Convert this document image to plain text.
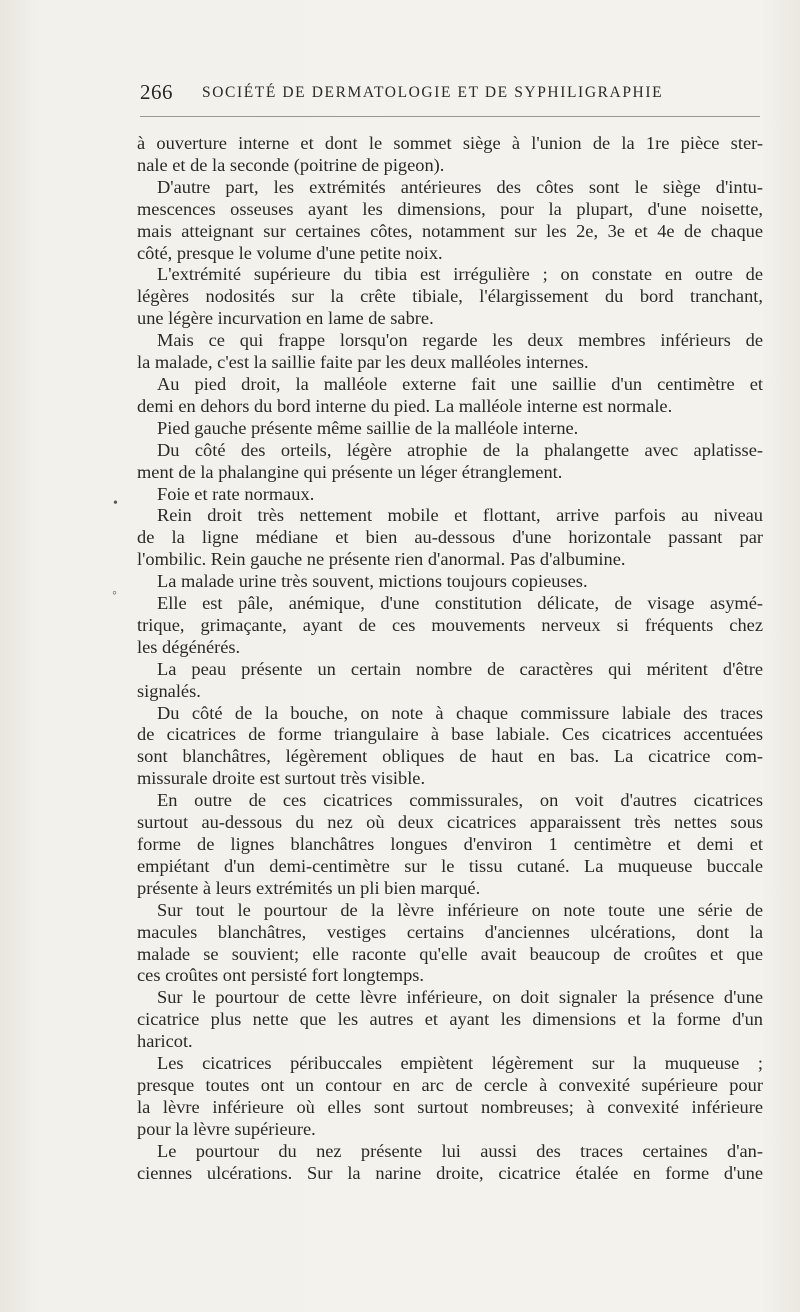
266 SOCIÉTÉ DE DERMATOLOGIE ET DE SYPHILIGRAPHIE
à ouverture interne et dont le sommet siège à l'union de la 1re pièce ster-
nale et de la seconde (poitrine de pigeon).
D'autre part, les extrémités antérieures des côtes sont le siège d'intu-
mescences osseuses ayant les dimensions, pour la plupart, d'une noisette,
mais atteignant sur certaines côtes, notamment sur les 2e, 3e et 4e de chaque
côté, presque le volume d'une petite noix.
L'extrémité supérieure du tibia est irrégulière ; on constate en outre de
légères nodosités sur la crête tibiale, l'élargissement du bord tranchant,
une légère incurvation en lame de sabre.
Mais ce qui frappe lorsqu'on regarde les deux membres inférieurs de
la malade, c'est la saillie faite par les deux malléoles internes.
Au pied droit, la malléole externe fait une saillie d'un centimètre et
demi en dehors du bord interne du pied. La malléole interne est normale.
Pied gauche présente même saillie de la malléole interne.
Du côté des orteils, légère atrophie de la phalangette avec aplatisse-
ment de la phalangine qui présente un léger étranglement.
Foie et rate normaux.
Rein droit très nettement mobile et flottant, arrive parfois au niveau
de la ligne médiane et bien au-dessous d'une horizontale passant par
l'ombilic. Rein gauche ne présente rien d'anormal. Pas d'albumine.
La malade urine très souvent, mictions toujours copieuses.
Elle est pâle, anémique, d'une constitution délicate, de visage asymé-
trique, grimaçante, ayant de ces mouvements nerveux si fréquents chez
les dégénérés.
La peau présente un certain nombre de caractères qui méritent d'être
signalés.
Du côté de la bouche, on note à chaque commissure labiale des traces
de cicatrices de forme triangulaire à base labiale. Ces cicatrices accentuées
sont blanchâtres, légèrement obliques de haut en bas. La cicatrice com-
missurale droite est surtout très visible.
En outre de ces cicatrices commissurales, on voit d'autres cicatrices
surtout au-dessous du nez où deux cicatrices apparaissent très nettes sous
forme de lignes blanchâtres longues d'environ 1 centimètre et demi et
empiétant d'un demi-centimètre sur le tissu cutané. La muqueuse buccale
présente à leurs extrémités un pli bien marqué.
Sur tout le pourtour de la lèvre inférieure on note toute une série de
macules blanchâtres, vestiges certains d'anciennes ulcérations, dont la
malade se souvient; elle raconte qu'elle avait beaucoup de croûtes et que
ces croûtes ont persisté fort longtemps.
Sur le pourtour de cette lèvre inférieure, on doit signaler la présence d'une
cicatrice plus nette que les autres et ayant les dimensions et la forme d'un
haricot.
Les cicatrices péribuccales empiètent légèrement sur la muqueuse ;
presque toutes ont un contour en arc de cercle à convexité supérieure pour
la lèvre inférieure où elles sont surtout nombreuses; à convexité inférieure
pour la lèvre supérieure.
Le pourtour du nez présente lui aussi des traces certaines d'an-
ciennes ulcérations. Sur la narine droite, cicatrice étalée en forme d'une
•
◦
